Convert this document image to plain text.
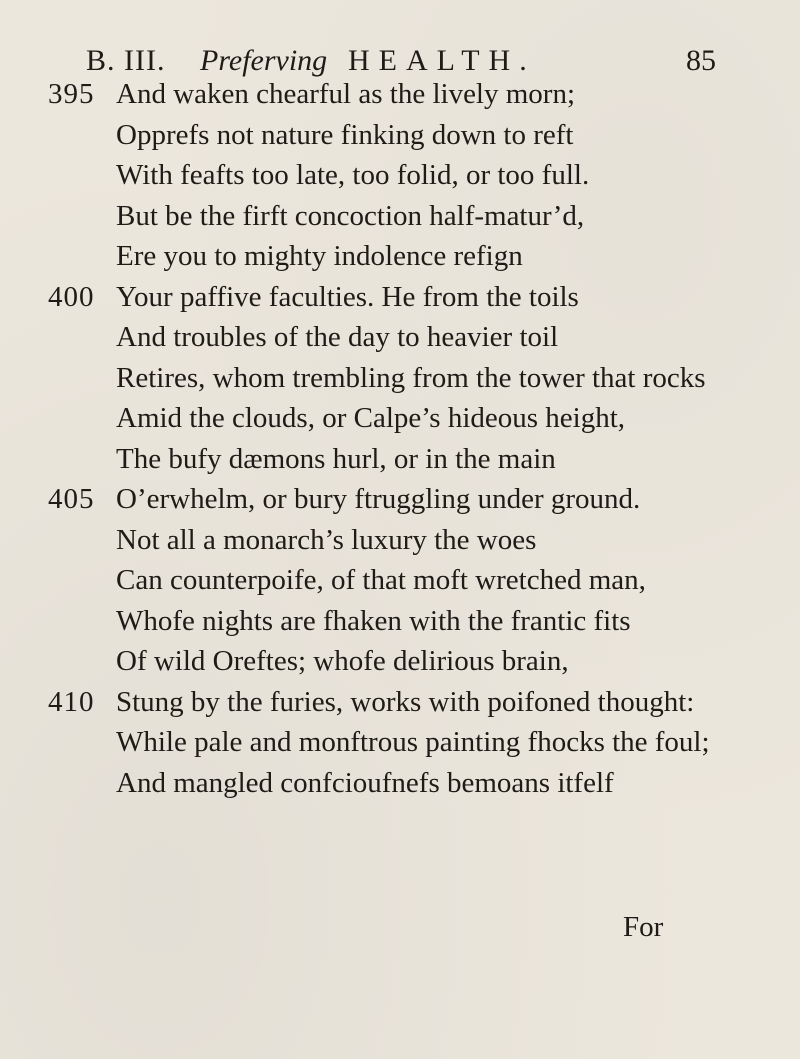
B. III. Preferving HEALTH.	85
395 And waken chearful as the lively morn;
Opprefs not nature finking down to reft
With feafts too late, too folid, or too full.
But be the firft concoction half-matur’d,
Ere you to mighty indolence refign
400 Your paffive faculties. He from the toils
And troubles of the day to heavier toil
Retires, whom trembling from the tower that rocks
Amid the clouds, or Calpe’s hideous height,
The bufy dæmons hurl, or in the main
405 O’erwhelm, or bury ftruggling under ground.
Not all a monarch’s luxury the woes
Can counterpoife, of that moft wretched man,
Whofe nights are fhaken with the frantic fits
Of wild Oreftes; whofe delirious brain,
410 Stung by the furies, works with poifoned thought:
While pale and monftrous painting fhocks the foul;
And mangled confcioufnefs bemoans itfelf
For
